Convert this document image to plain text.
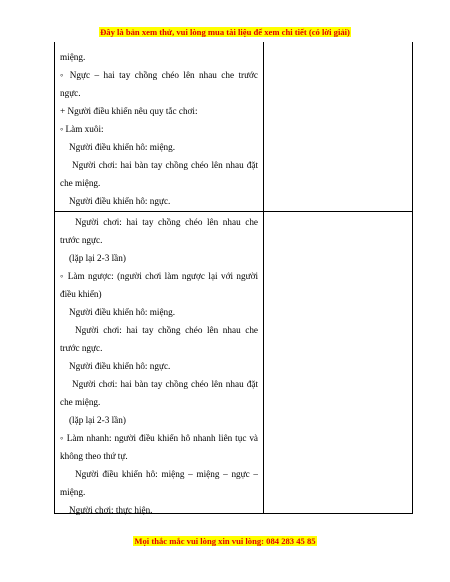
Đây là bản xem thử, vui lòng mua tài liệu để xem chi tiết (có lời giải)
miệng.
◦ Ngực – hai tay chồng chéo lên nhau che trước
ngực.
+ Người điều khiển nêu quy tắc chơi:
◦ Làm xuôi:
Người điều khiển hô: miệng.
Người chơi: hai bàn tay chồng chéo lên nhau đặt
che miệng.
Người điều khiển hô: ngực.
Người chơi: hai tay chồng chéo lên nhau che
trước ngực.
(lặp lại 2-3 lần)
◦ Làm ngược: (người chơi làm ngược lại với người
điều khiển)
Người điều khiển hô: miệng.
Người chơi: hai tay chồng chéo lên nhau che
trước ngực.
Người điều khiển hô: ngực.
Người chơi: hai bàn tay chồng chéo lên nhau đặt
che miệng.
(lặp lại 2-3 lần)
◦ Làm nhanh: người điều khiển hô nhanh liên tục và
không theo thứ tự.
Người điều khiển hô: miệng – miệng – ngực –
miệng.
Người chơi: thực hiện.
Mọi thắc mắc vui lòng xin vui lòng: 084 283 45 85
